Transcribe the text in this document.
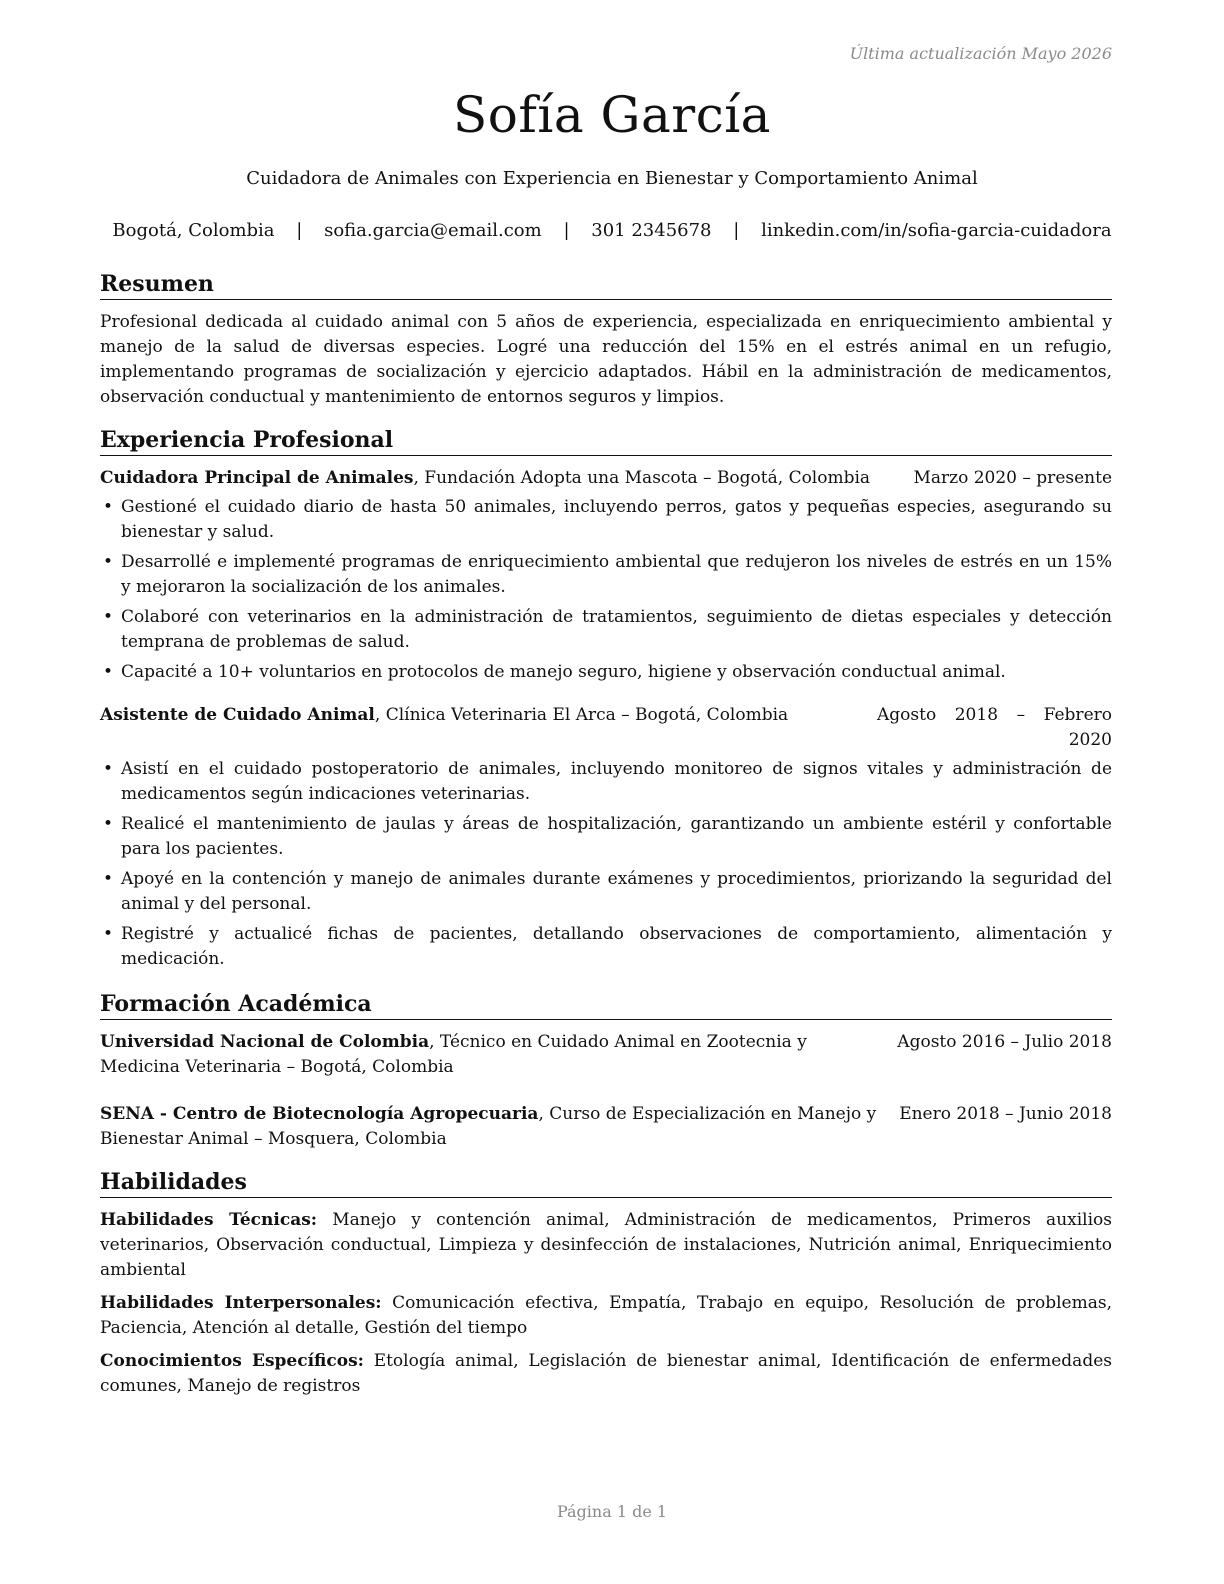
Última actualización Mayo 2026
Sofía García
Cuidadora de Animales con Experiencia en Bienestar y Comportamiento Animal
Bogotá, Colombia | sofia.garcia@email.com | 301 2345678 | linkedin.com/in/sofia-garcia-cuidadora
Resumen

Profesional dedicada al cuidado animal con 5 años de experiencia, especializada en enriquecimiento ambiental y manejo de la salud de diversas especies. Logré una reducción del 15% en el estrés animal en un refugio, implementando programas de socialización y ejercicio adaptados. Hábil en la administración de medicamentos, observación conductual y mantenimiento de entornos seguros y limpios.

Experiencia Profesional
Cuidadora Principal de Animales, Fundación Adopta una Mascota – Bogotá, Colombia	Marzo 2020 – presente
• Gestioné el cuidado diario de hasta 50 animales, incluyendo perros, gatos y pequeñas especies, asegurando su bienestar y salud.
• Desarrollé e implementé programas de enriquecimiento ambiental que redujeron los niveles de estrés en un 15% y mejoraron la socialización de los animales.
• Colaboré con veterinarios en la administración de tratamientos, seguimiento de dietas especiales y detección temprana de problemas de salud.
• Capacité a 10+ voluntarios en protocolos de manejo seguro, higiene y observación conductual animal.
Asistente de Cuidado Animal, Clínica Veterinaria El Arca – Bogotá, Colombia	Agosto 2018 – Febrero 2020
• Asistí en el cuidado postoperatorio de animales, incluyendo monitoreo de signos vitales y administración de medicamentos según indicaciones veterinarias.
• Realicé el mantenimiento de jaulas y áreas de hospitalización, garantizando un ambiente estéril y confortable para los pacientes.
• Apoyé en la contención y manejo de animales durante exámenes y procedimientos, priorizando la seguridad del animal y del personal.
• Registré y actualicé fichas de pacientes, detallando observaciones de comportamiento, alimentación y medicación.
Formación Académica
Universidad Nacional de Colombia, Técnico en Cuidado Animal en Zootecnia y Medicina Veterinaria – Bogotá, Colombia
Agosto 2016 – Julio 2018
SENA - Centro de Biotecnología Agropecuaria, Curso de Especialización en Manejo y Bienestar Animal – Mosquera, Colombia
Enero 2018 – Junio 2018
Habilidades

Habilidades Técnicas: Manejo y contención animal, Administración de medicamentos, Primeros auxilios veterinarios, Observación conductual, Limpieza y desinfección de instalaciones, Nutrición animal, Enriquecimiento ambiental

Habilidades Interpersonales: Comunicación efectiva, Empatía, Trabajo en equipo, Resolución de problemas, Paciencia, Atención al detalle, Gestión del tiempo

Conocimientos Específicos: Etología animal, Legislación de bienestar animal, Identificación de enfermedades comunes, Manejo de registros

Página 1 de 1
